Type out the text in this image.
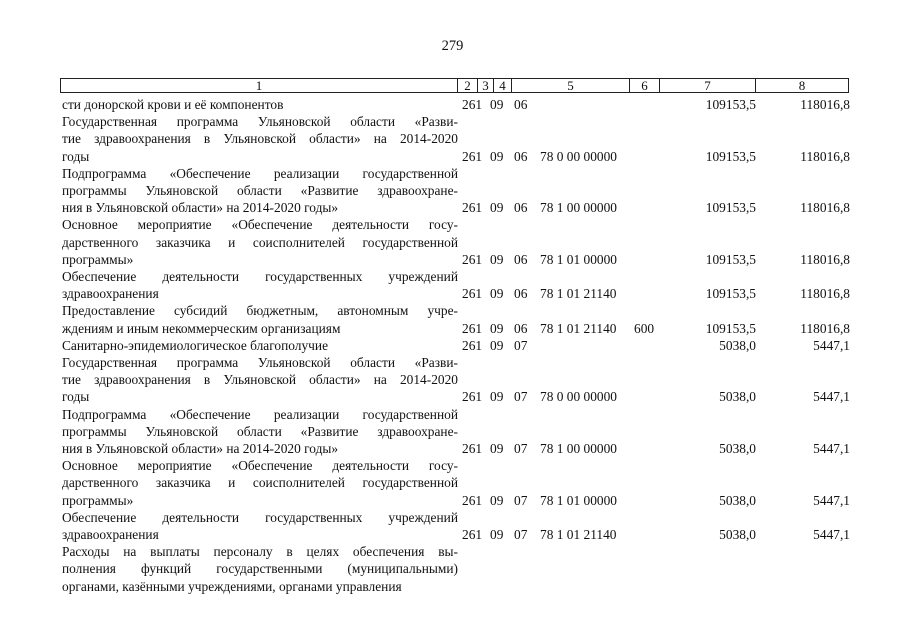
279
1	2 3 4	5	6	7	8
сти донорской крови и её компонентов	261 09 06	109153,5	118016,8
Государственная программа Ульяновской области «Разви-
тие здравоохранения в Ульяновской области» на 2014-2020
годы	261 09 06 78 0 00 00000	109153,5	118016,8
Подпрограмма «Обеспечение реализации государственной
программы Ульяновской области «Развитие здравоохране-
ния в Ульяновской области» на 2014-2020 годы»	261 09 06 78 1 00 00000	109153,5	118016,8
Основное мероприятие «Обеспечение деятельности госу-
дарственного заказчика и соисполнителей государственной
программы»	261 09 06 78 1 01 00000	109153,5	118016,8
Обеспечение деятельности государственных учреждений
здравоохранения	261 09 06 78 1 01 21140	109153,5	118016,8
Предоставление субсидий бюджетным, автономным учре-
ждениям и иным некоммерческим организациям	261 09 06 78 1 01 21140	600	109153,5	118016,8
Санитарно-эпидемиологическое благополучие	261 09 07	5038,0	5447,1
Государственная программа Ульяновской области «Разви-
тие здравоохранения в Ульяновской области» на 2014-2020
годы	261 09 07 78 0 00 00000	5038,0	5447,1
Подпрограмма «Обеспечение реализации государственной
программы Ульяновской области «Развитие здравоохране-
ния в Ульяновской области» на 2014-2020 годы»	261 09 07 78 1 00 00000	5038,0	5447,1
Основное мероприятие «Обеспечение деятельности госу-
дарственного заказчика и соисполнителей государственной
программы»	261 09 07 78 1 01 00000	5038,0	5447,1
Обеспечение деятельности государственных учреждений
здравоохранения	261 09 07 78 1 01 21140	5038,0	5447,1
Расходы на выплаты персоналу в целях обеспечения вы-
полнения функций государственными (муниципальными)
органами, казёнными учреждениями, органами управления
